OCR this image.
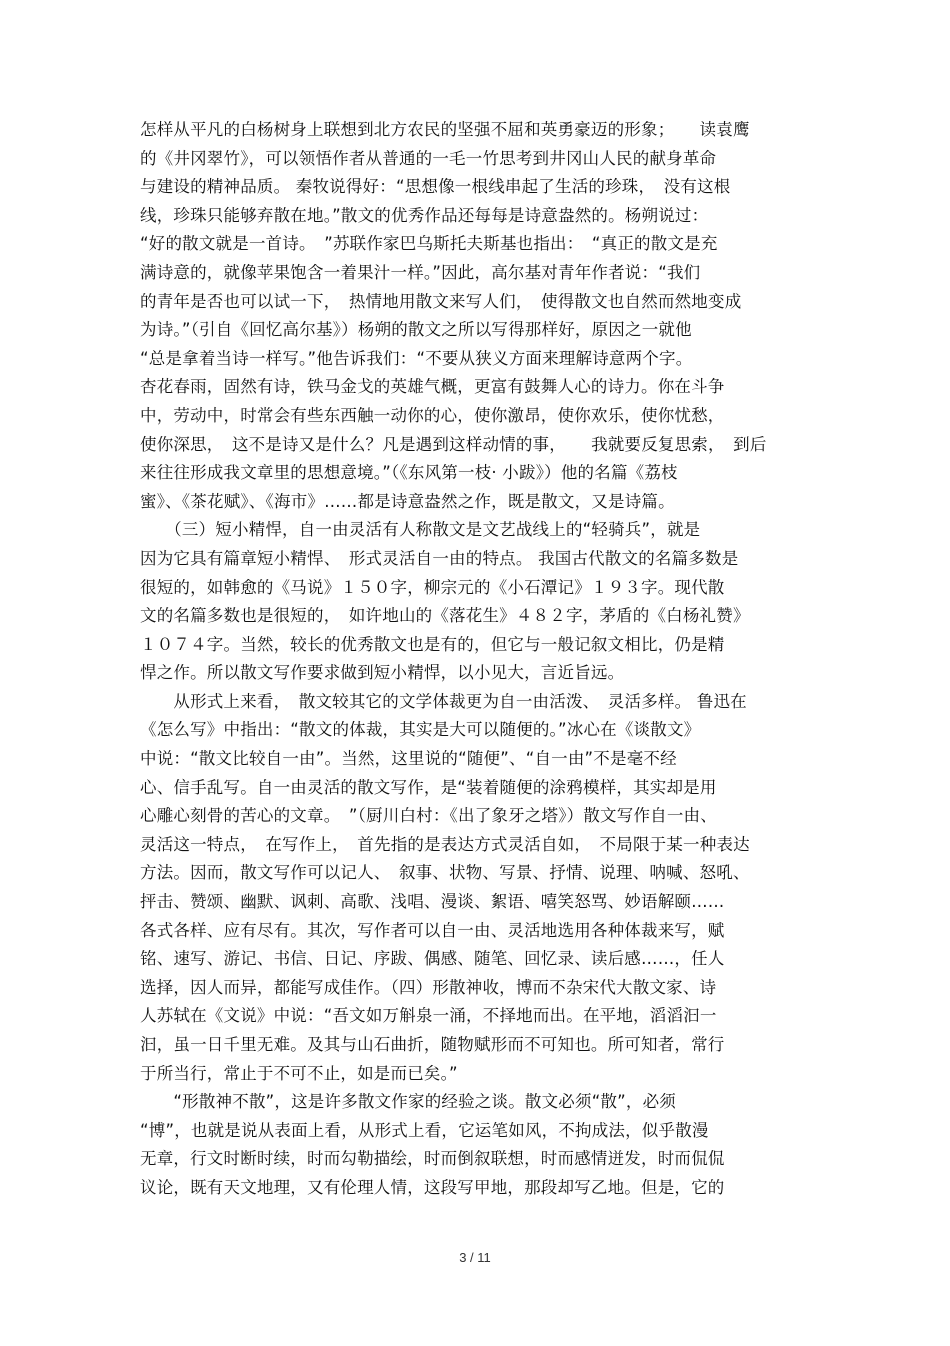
怎样从平凡的白杨树身上联想到北方农民的坚强不屈和英勇豪迈的形象；　　读袁鹰
的《井冈翠竹》，可以领悟作者从普通的一毛一竹思考到井冈山人民的献身革命
与建设的精神品质。 秦牧说得好：“思想像一根线串起了生活的珍珠，　没有这根
线，珍珠只能够弃散在地。”散文的优秀作品还每每是诗意盎然的。杨朔说过：
“好的散文就是一首诗。　”苏联作家巴乌斯托夫斯基也指出：　“真正的散文是充
满诗意的，就像苹果饱含一着果汁一样。”因此，高尔基对青年作者说：“我们
的青年是否也可以试一下，　热情地用散文来写人们，　使得散文也自然而然地变成
为诗。”（引自《回忆高尔基》）杨朔的散文之所以写得那样好，原因之一就他
“总是拿着当诗一样写。”他告诉我们：“不要从狭义方面来理解诗意两个字。
杏花春雨，固然有诗，铁马金戈的英雄气概，更富有鼓舞人心的诗力。你在斗争
中，劳动中，时常会有些东西触一动你的心，使你激昂，使你欢乐，使你忧愁，
使你深思，　这不是诗又是什么？凡是遇到这样动情的事，　　我就要反复思索，　到后
来往往形成我文章里的思想意境。”（《东风第一枝· 小跋》）他的名篇《荔枝
蜜》、《茶花赋》、《海市》……都是诗意盎然之作，既是散文，又是诗篇。
　　（三）短小精悍，自一由灵活有人称散文是文艺战线上的“轻骑兵”，就是
因为它具有篇章短小精悍、　形式灵活自一由的特点。 我国古代散文的名篇多数是
很短的，如韩愈的《马说》１５０字，柳宗元的《小石潭记》１９３字。现代散
文的名篇多数也是很短的，　如许地山的《落花生》４８２字，茅盾的《白杨礼赞》
１０７４字。当然，较长的优秀散文也是有的，但它与一般记叙文相比，仍是精
悍之作。所以散文写作要求做到短小精悍，以小见大，言近旨远。
　　从形式上来看，　散文较其它的文学体裁更为自一由活泼、　灵活多样。 鲁迅在
《怎么写》中指出：“散文的体裁，其实是大可以随便的。”冰心在《谈散文》
中说：“散文比较自一由”。当然，这里说的“随便”、“自一由”不是毫不经
心、信手乱写。自一由灵活的散文写作，是“装着随便的涂鸦模样，其实却是用
心雕心刻骨的苦心的文章。　”（厨川白村：《出了象牙之塔》）散文写作自一由、
灵活这一特点，　在写作上，　首先指的是表达方式灵活自如，　不局限于某一种表达
方法。因而，散文写作可以记人、　叙事、状物、写景、抒情、说理、呐喊、怒吼、
抨击、赞颂、幽默、讽刺、高歌、浅唱、漫谈、絮语、嘻笑怒骂、妙语解颐……
各式各样、应有尽有。其次，写作者可以自一由、灵活地选用各种体裁来写，赋
铭、速写、游记、书信、日记、序跋、偶感、随笔、回忆录、读后感……，任人
选择，因人而异，都能写成佳作。（四）形散神收，博而不杂宋代大散文家、诗
人苏轼在《文说》中说：“吾文如万斛泉一涌，不择地而出。在平地，滔滔汩一
汩，虽一日千里无难。及其与山石曲折，随物赋形而不可知也。所可知者，常行
于所当行，常止于不可不止，如是而已矣。”
　　“形散神不散”，这是许多散文作家的经验之谈。散文必须“散”，必须
“博”，也就是说从表面上看，从形式上看，它运笔如风，不拘成法，似乎散漫
无章，行文时断时续，时而勾勒描绘，时而倒叙联想，时而感情迸发，时而侃侃
议论，既有天文地理，又有伦理人情，这段写甲地，那段却写乙地。但是，它的
3 / 11
